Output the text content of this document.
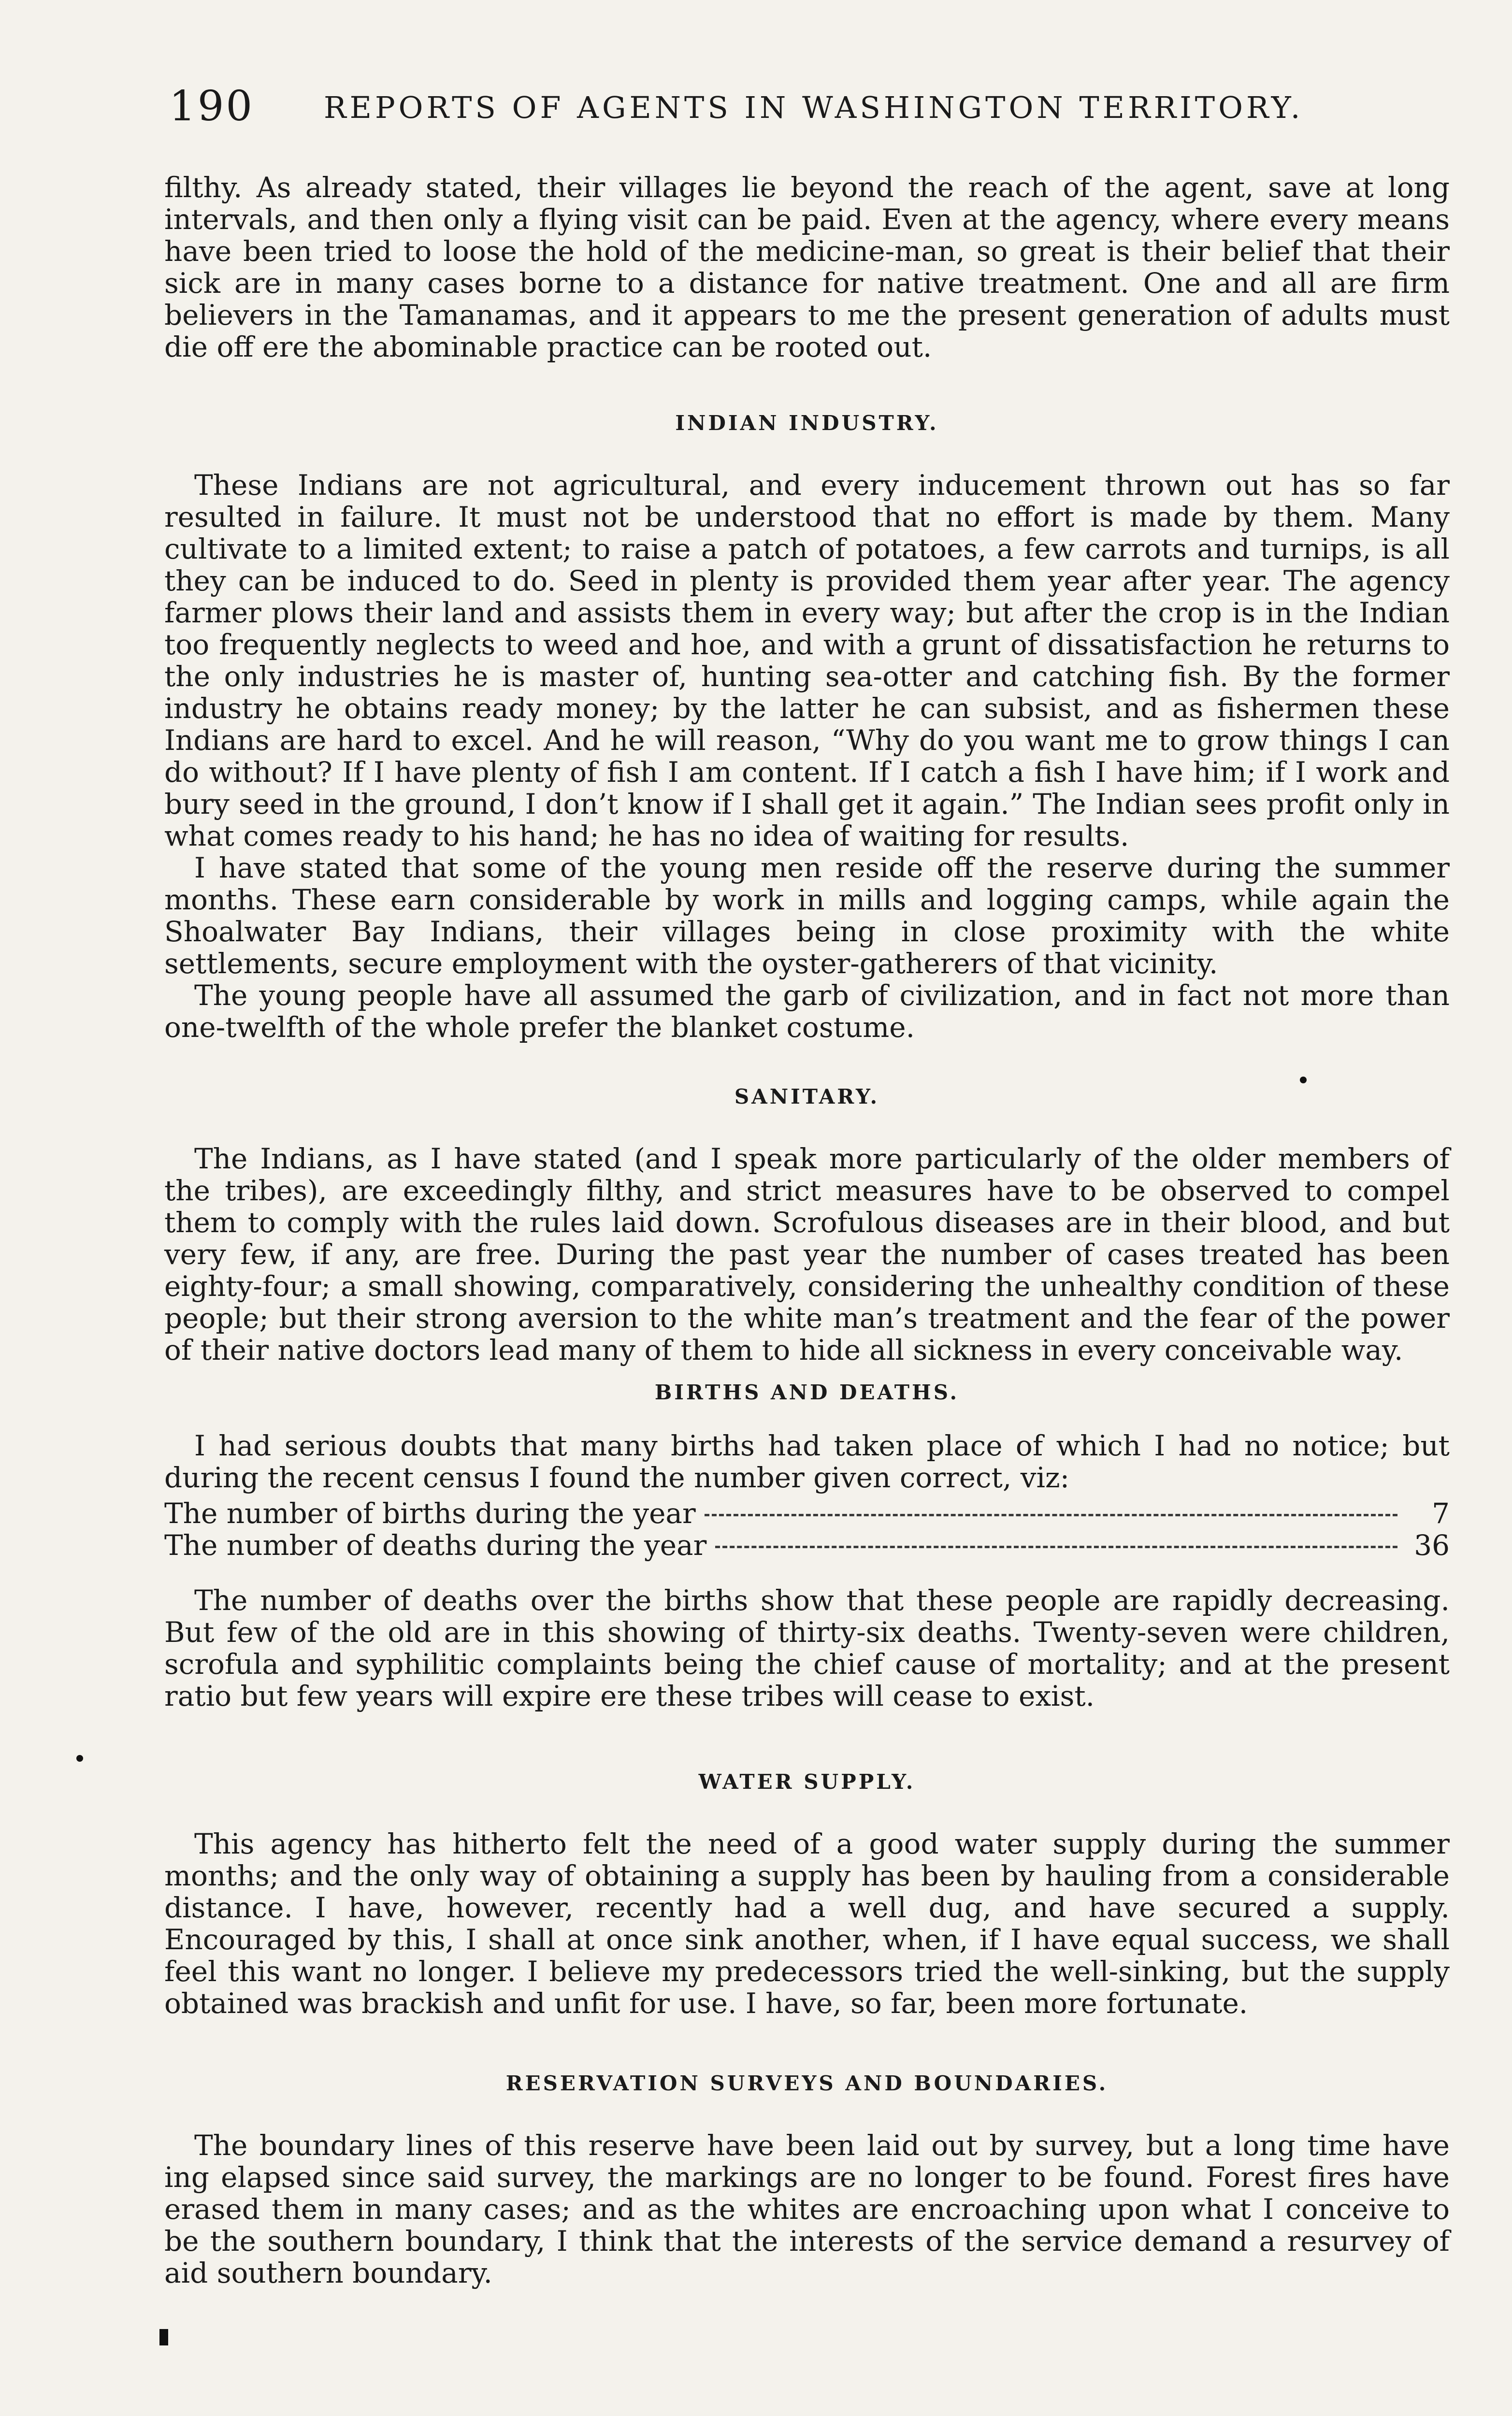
190 REPORTS OF AGENTS IN WASHINGTON TERRITORY.

filthy. As already stated, their villages lie beyond the reach of the agent, save at long intervals, and then only a flying visit can be paid. Even at the agency, where every means have been tried to loose the hold of the medicine-man, so great is their belief that their sick are in many cases borne to a distance for native treatment. One and all are firm believers in the Tamanamas, and it appears to me the present generation of adults must die off ere the abominable practice can be rooted out.

INDIAN INDUSTRY.

These Indians are not agricultural, and every inducement thrown out has so far resulted in failure. It must not be understood that no effort is made by them. Many cultivate to a limited extent; to raise a patch of potatoes, a few carrots and turnips, is all they can be induced to do. Seed in plenty is provided them year after year. The agency farmer plows their land and assists them in every way; but after the crop is in the Indian too frequently neglects to weed and hoe, and with a grunt of dissatisfaction he returns to the only industries he is master of, hunting sea-otter and catching fish. By the former industry he obtains ready money; by the latter he can subsist, and as fishermen these Indians are hard to excel. And he will reason, “Why do you want me to grow things I can do without? If I have plenty of fish I am content. If I catch a fish I have him; if I work and bury seed in the ground, I don’t know if I shall get it again.” The Indian sees profit only in what comes ready to his hand; he has no idea of waiting for results.

I have stated that some of the young men reside off the reserve during the summer months. These earn considerable by work in mills and logging camps, while again the Shoalwater Bay Indians, their villages being in close proximity with the white settlements, secure employment with the oyster-gatherers of that vicinity.

The young people have all assumed the garb of civilization, and in fact not more than one-twelfth of the whole prefer the blanket costume.

SANITARY.

The Indians, as I have stated (and I speak more particularly of the older members of the tribes), are exceedingly filthy, and strict measures have to be observed to compel them to comply with the rules laid down. Scrofulous diseases are in their blood, and but very few, if any, are free. During the past year the number of cases treated has been eighty-four; a small showing, comparatively, considering the unhealthy condition of these people; but their strong aversion to the white man’s treatment and the fear of the power of their native doctors lead many of them to hide all sickness in every conceivable way.

BIRTHS AND DEATHS.

I had serious doubts that many births had taken place of which I had no notice; but during the recent census I found the number given correct, viz:

The number of births during the year	7
The number of deaths during the year	36

The number of deaths over the births show that these people are rapidly decreasing. But few of the old are in this showing of thirty-six deaths. Twenty-seven were children, scrofula and syphilitic complaints being the chief cause of mortality; and at the present ratio but few years will expire ere these tribes will cease to exist.

WATER SUPPLY.

This agency has hitherto felt the need of a good water supply during the summer months; and the only way of obtaining a supply has been by hauling from a considerable distance. I have, however, recently had a well dug, and have secured a supply. Encouraged by this, I shall at once sink another, when, if I have equal success, we shall feel this want no longer. I believe my predecessors tried the well-sinking, but the supply obtained was brackish and unfit for use. I have, so far, been more fortunate.

RESERVATION SURVEYS AND BOUNDARIES.

The boundary lines of this reserve have been laid out by survey, but a long time have ing elapsed since said survey, the markings are no longer to be found. Forest fires have erased them in many cases; and as the whites are encroaching upon what I conceive to be the southern boundary, I think that the interests of the service demand a resurvey of aid southern boundary.
